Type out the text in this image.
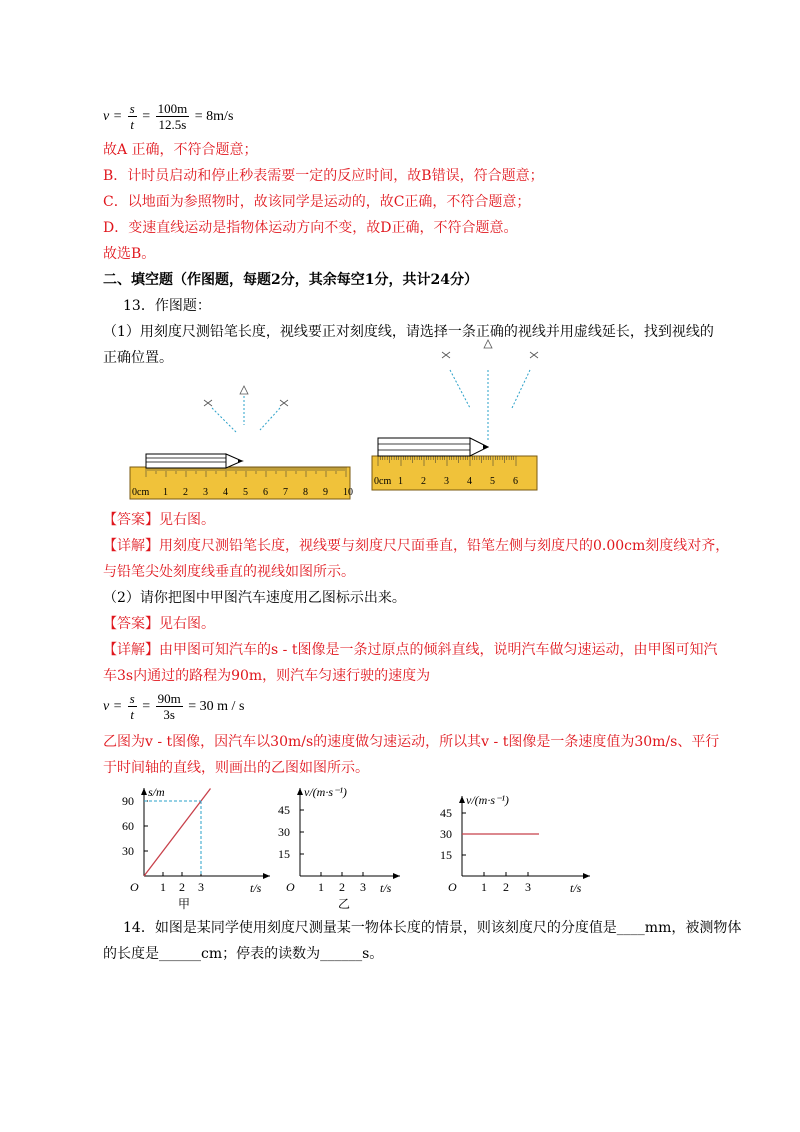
$v = \frac{s}{t} = \frac{100m}{12.5s} = 8m/s$
故A 正确，不符合题意；
B．计时员启动和停止秒表需要一定的反应时间，故B错误，符合题意；
C．以地面为参照物时，故该同学是运动的，故C正确，不符合题意；
D．变速直线运动是指物体运动方向不变，故D正确，不符合题意。
故选B。
二、填空题（作图题，每题2分，其余每空1分，共计24分）
13．作图题：
（1）用刻度尺测铅笔长度，视线要正对刻度线，请选择一条正确的视线并用虚线延长，找到视线的
正确位置。
0cm 1 2 3 4 5 6 7 8 9 10
0cm 1 2 3 4 5 6
【答案】见右图。
【详解】用刻度尺测铅笔长度，视线要与刻度尺尺面垂直，铅笔左侧与刻度尺的0.00cm刻度线对齐，
与铅笔尖处刻度线垂直的视线如图所示。
（2）请你把图中甲图汽车速度用乙图标示出来。
【答案】见右图。
【详解】由甲图可知汽车的s - t图像是一条过原点的倾斜直线，说明汽车做匀速运动，由甲图可知汽
车3s内通过的路程为90m，则汽车匀速行驶的速度为
$v = \frac{s}{t} = \frac{90m}{3s} = 30$ m / s
乙图为v - t图像，因汽车以30m/s的速度做匀速运动，所以其v - t图像是一条速度值为30m/s、平行
于时间轴的直线，则画出的乙图如图所示。
s/m
t/s
O
90
60
30
1 2 3
甲
v/(m·s⁻¹)
t/s
O
45
30
15
1 2 3
乙
v/(m·s⁻¹)
t/s
O
45
30
15
1 2 3
14．如图是某同学使用刻度尺测量某一物体长度的情景，则该刻度尺的分度值是____mm，被测物体
的长度是______cm；停表的读数为______s。
